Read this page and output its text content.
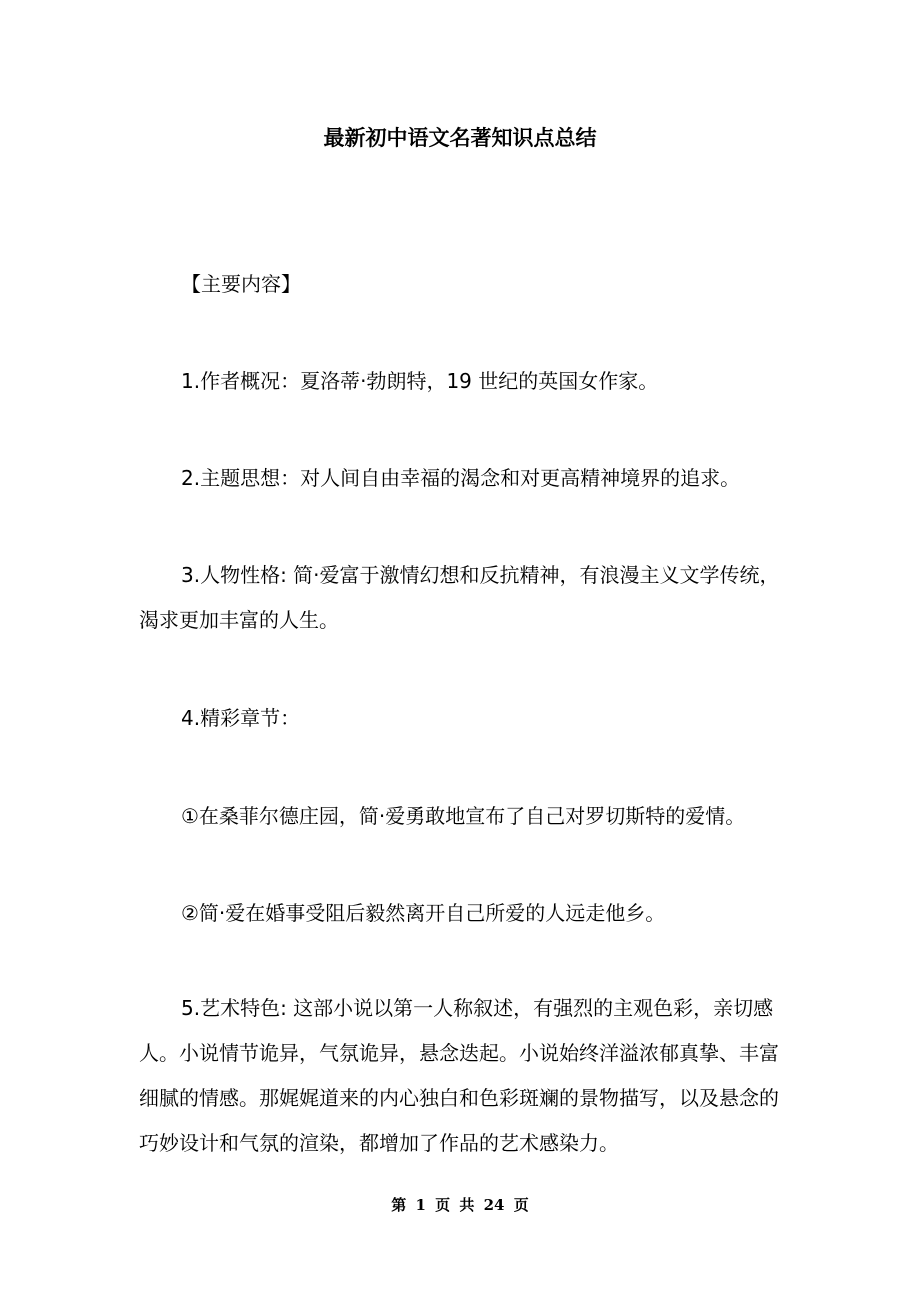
最新初中语文名著知识点总结
【主要内容】
1.作者概况：夏洛蒂·勃朗特，19 世纪的英国女作家。
2.主题思想：对人间自由幸福的渴念和对更高精神境界的追求。
3.人物性格: 简·爱富于激情幻想和反抗精神，有浪漫主义文学传统，渴求更加丰富的人生。
4.精彩章节：
①在桑菲尔德庄园，简·爱勇敢地宣布了自己对罗切斯特的爱情。
②简·爱在婚事受阻后毅然离开自己所爱的人远走他乡。
5.艺术特色: 这部小说以第一人称叙述，有强烈的主观色彩，亲切感人。小说情节诡异，气氛诡异，悬念迭起。小说始终洋溢浓郁真挚、丰富细腻的情感。那娓娓道来的内心独白和色彩斑斓的景物描写，以及悬念的巧妙设计和气氛的渲染，都增加了作品的艺术感染力。
第 1 页 共 24 页
